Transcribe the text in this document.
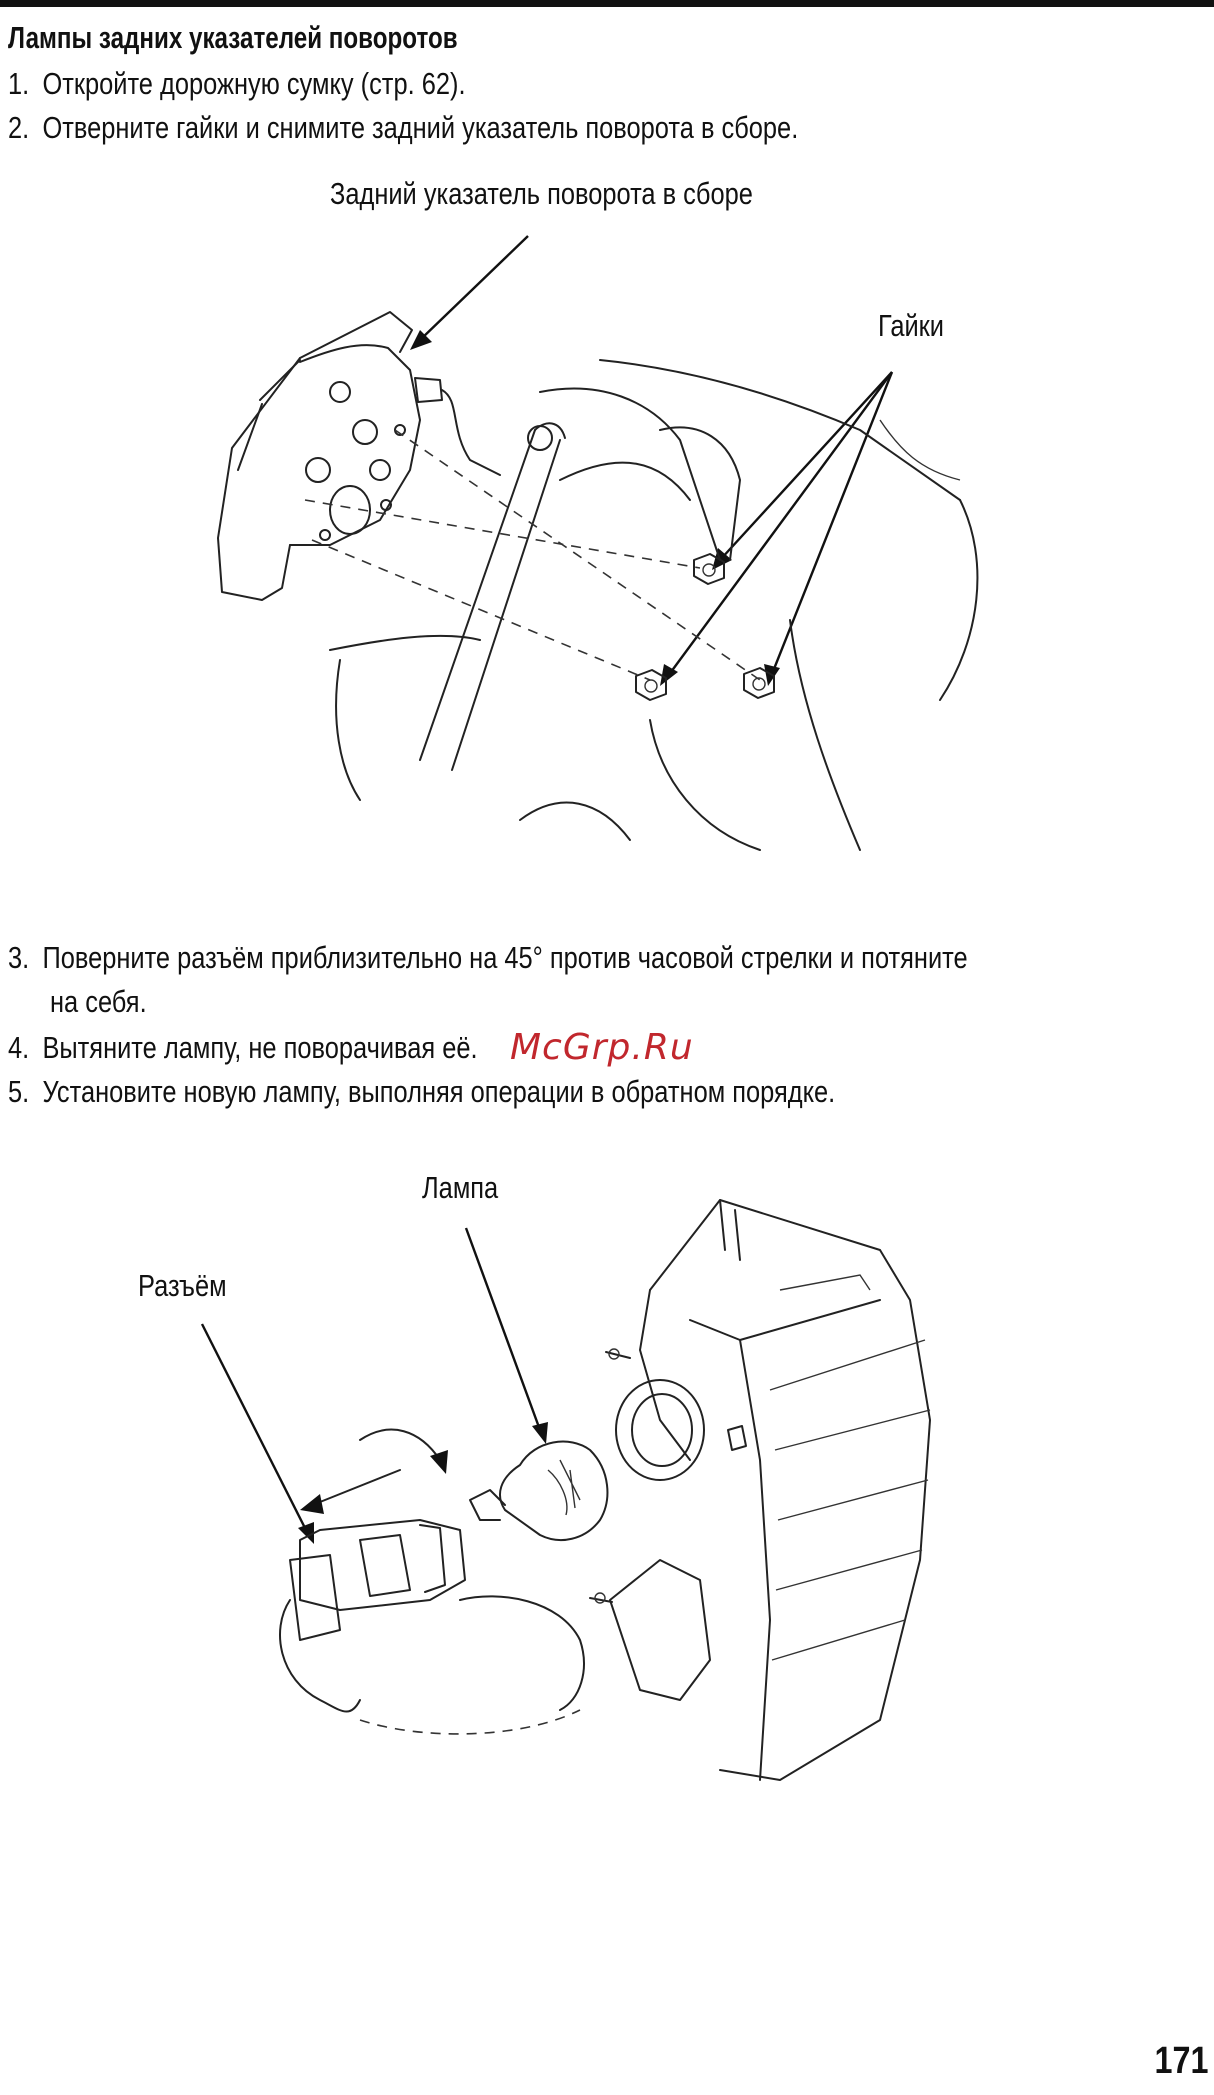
Лампы задних указателей поворотов
1. Откройте дорожную сумку (стр. 62).
2. Отверните гайки и снимите задний указатель поворота в сборе.
Задний указатель поворота в сборе
Гайки
3. Поверните разъём приблизительно на 45° против часовой стрелки и потяните
на себя.
4. Вытяните лампу, не поворачивая её.
5. Установите новую лампу, выполняя операции в обратном порядке.
McGrp.Ru
Лампа
Разъём
171
